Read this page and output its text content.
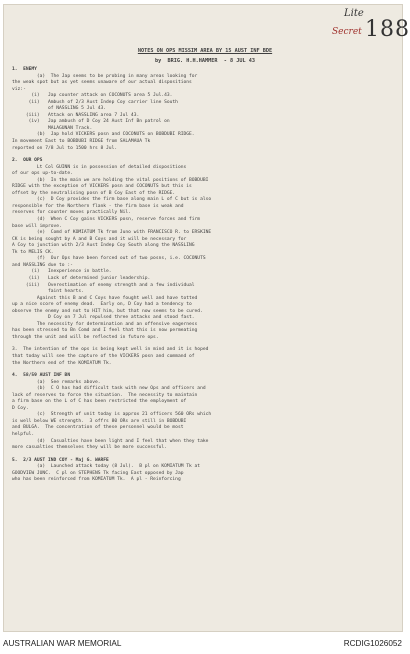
Lite
188
Secret

NOTES ON OPS MISSIM AREA BY 15 AUST INF BDE

by  BRIG. H.H.HAMMER  - 8 JUL 43

1.  ENEMY

(a)  The Jap seems to be probing in many areas looking for

the weak spot but as yet seems unaware of our actual dispositions

viz:-

(i)   Jap counter attack on COCONUTS area 5 Jul.43.

(ii)   Ambush of 2/3 Aust Indep Coy carrier line South

of NASSLING 5 Jul 43.

(iii)   Attack on NASSLING area 7 Jul 43.

(iv)   Jap ambush of D Coy 24 Aust Inf Bn patrol on

MALAGUNAN Track.

(b)  Jap hold VICKERS posn and COCONUTS on BOBDUBI RIDGE.

In movement East to BOBDUBI RIDGE from SALAMAUA Tk

reported on 7/8 Jul to 1500 hrs 8 Jul.

2.  OUR OPS

Lt Col GUINN is in possession of detailed dispositions

of our ops up-to-date.

(b)  In the main we are holding the vital positions of BOBDUBI

RIDGE with the exception of VICKERS posn and COCONUTS but this is

offset by the neutralising posn of B Coy East of the RIDGE.

(c)  D Coy provides the firm base along main L of C but is also

responsible for the Northern flank - the firm base is weak and

reserves for counter moves practically Nil.

(d)  When C Coy gains VICKERS posn, reserve forces and firm

base will improve.

(e)  Comd of KOMIATUM Tk from Juno with FRANCISCO R. to ERSKINE

CK is being sought by A and B Coys and it will be necessary for

A Coy to junction with 2/3 Aust Indep Coy South along the NASSLING

Tk to MELIS CK.

(f)  Our Ops have been forced out of two posns, i.e. COCONUTS

and NASSLING due to :-

(i)   Inexperience in battle.

(ii)   Lack of determined junior leadership.

(iii)   Overestimation of enemy strength and a few individual

faint hearts.

Against this B and C Coys have fought well and have totted

up a nice score of enemy dead.  Early on, D Coy had a tendency to

observe the enemy and not to HIT him, but that now seems to be cured.

D Coy on 7 Jul repulsed three attacks and stood fast.

The necessity for determination and an offensive eagerness

has been stressed to Bn Comd and I feel that this is now permeating

through the unit and will be reflected in future ops.

3.  The intention of the ops is being kept well in mind and it is hoped

that today will see the capture of the VICKERS posn and command of

the Northern end of the KOMIATUM Tk.

4.  58/59 AUST INF BN

(a)  See remarks above.

(b)  C O has had difficult task with new Ops and officers and

lack of reserves to force the situation.  The necessity to maintain

a firm base on the L of C has been restricted the employment of

D Coy.

(c)  Strength of unit today is approx 21 officers 560 ORs which

is well below WE strength.  3 offrs 80 ORs are still in BOBDUBI

and BULGA.  The concentration of these personnel would be most

helpful.

(d)  Casualties have been light and I feel that when they take

more casualties themselves they will be more successful.

5.  2/3 AUST IND COY - Maj G. WARFE

(a)  Launched attack today (8 Jul).  B pl on KOMIATUM Tk at

GOODVIEW JUNC.  C pl on STEPHENS Tk facing East opposed by Jap

who has been reinforced from KOMIATUM Tk.  A pl - Reinforcing

AUSTRALIAN WAR MEMORIAL	RCDIG1026052
